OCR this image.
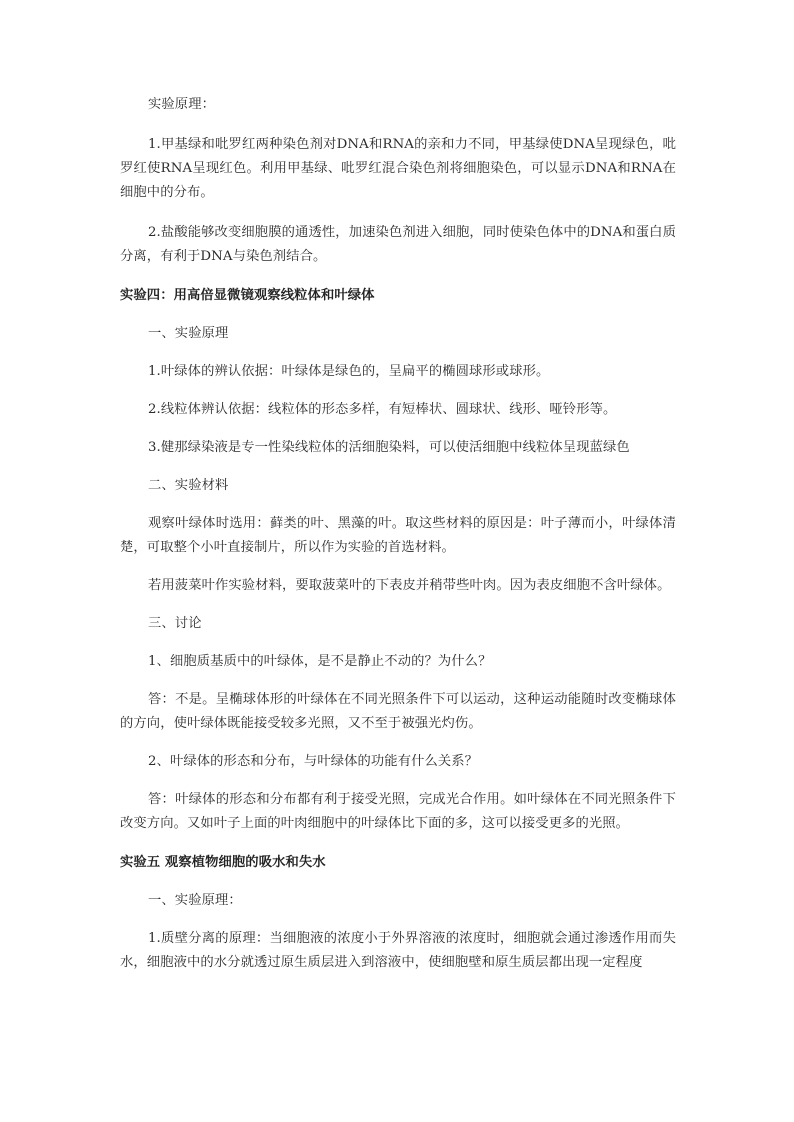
实验原理：

1.甲基绿和吡罗红两种染色剂对DNA和RNA的亲和力不同，甲基绿使DNA呈现绿色，吡罗红使RNA呈现红色。利用甲基绿、吡罗红混合染色剂将细胞染色，可以显示DNA和RNA在细胞中的分布。

2.盐酸能够改变细胞膜的通透性，加速染色剂进入细胞，同时使染色体中的DNA和蛋白质分离，有利于DNA与染色剂结合。

实验四：用高倍显微镜观察线粒体和叶绿体

一、实验原理

1.叶绿体的辨认依据：叶绿体是绿色的，呈扁平的椭圆球形或球形。

2.线粒体辨认依据：线粒体的形态多样，有短棒状、圆球状、线形、哑铃形等。

3.健那绿染液是专一性染线粒体的活细胞染料，可以使活细胞中线粒体呈现蓝绿色

二、实验材料

观察叶绿体时选用：藓类的叶、黑藻的叶。取这些材料的原因是：叶子薄而小，叶绿体清楚，可取整个小叶直接制片，所以作为实验的首选材料。

若用菠菜叶作实验材料，要取菠菜叶的下表皮并稍带些叶肉。因为表皮细胞不含叶绿体。

三、讨论

1、细胞质基质中的叶绿体，是不是静止不动的？为什么？

答：不是。呈椭球体形的叶绿体在不同光照条件下可以运动，这种运动能随时改变椭球体的方向，使叶绿体既能接受较多光照，又不至于被强光灼伤。

2、叶绿体的形态和分布，与叶绿体的功能有什么关系？

答：叶绿体的形态和分布都有利于接受光照，完成光合作用。如叶绿体在不同光照条件下改变方向。又如叶子上面的叶肉细胞中的叶绿体比下面的多，这可以接受更多的光照。

实验五 观察植物细胞的吸水和失水

一、实验原理：

1.质壁分离的原理：当细胞液的浓度小于外界溶液的浓度时，细胞就会通过渗透作用而失水，细胞液中的水分就透过原生质层进入到溶液中，使细胞壁和原生质层都出现一定程度
